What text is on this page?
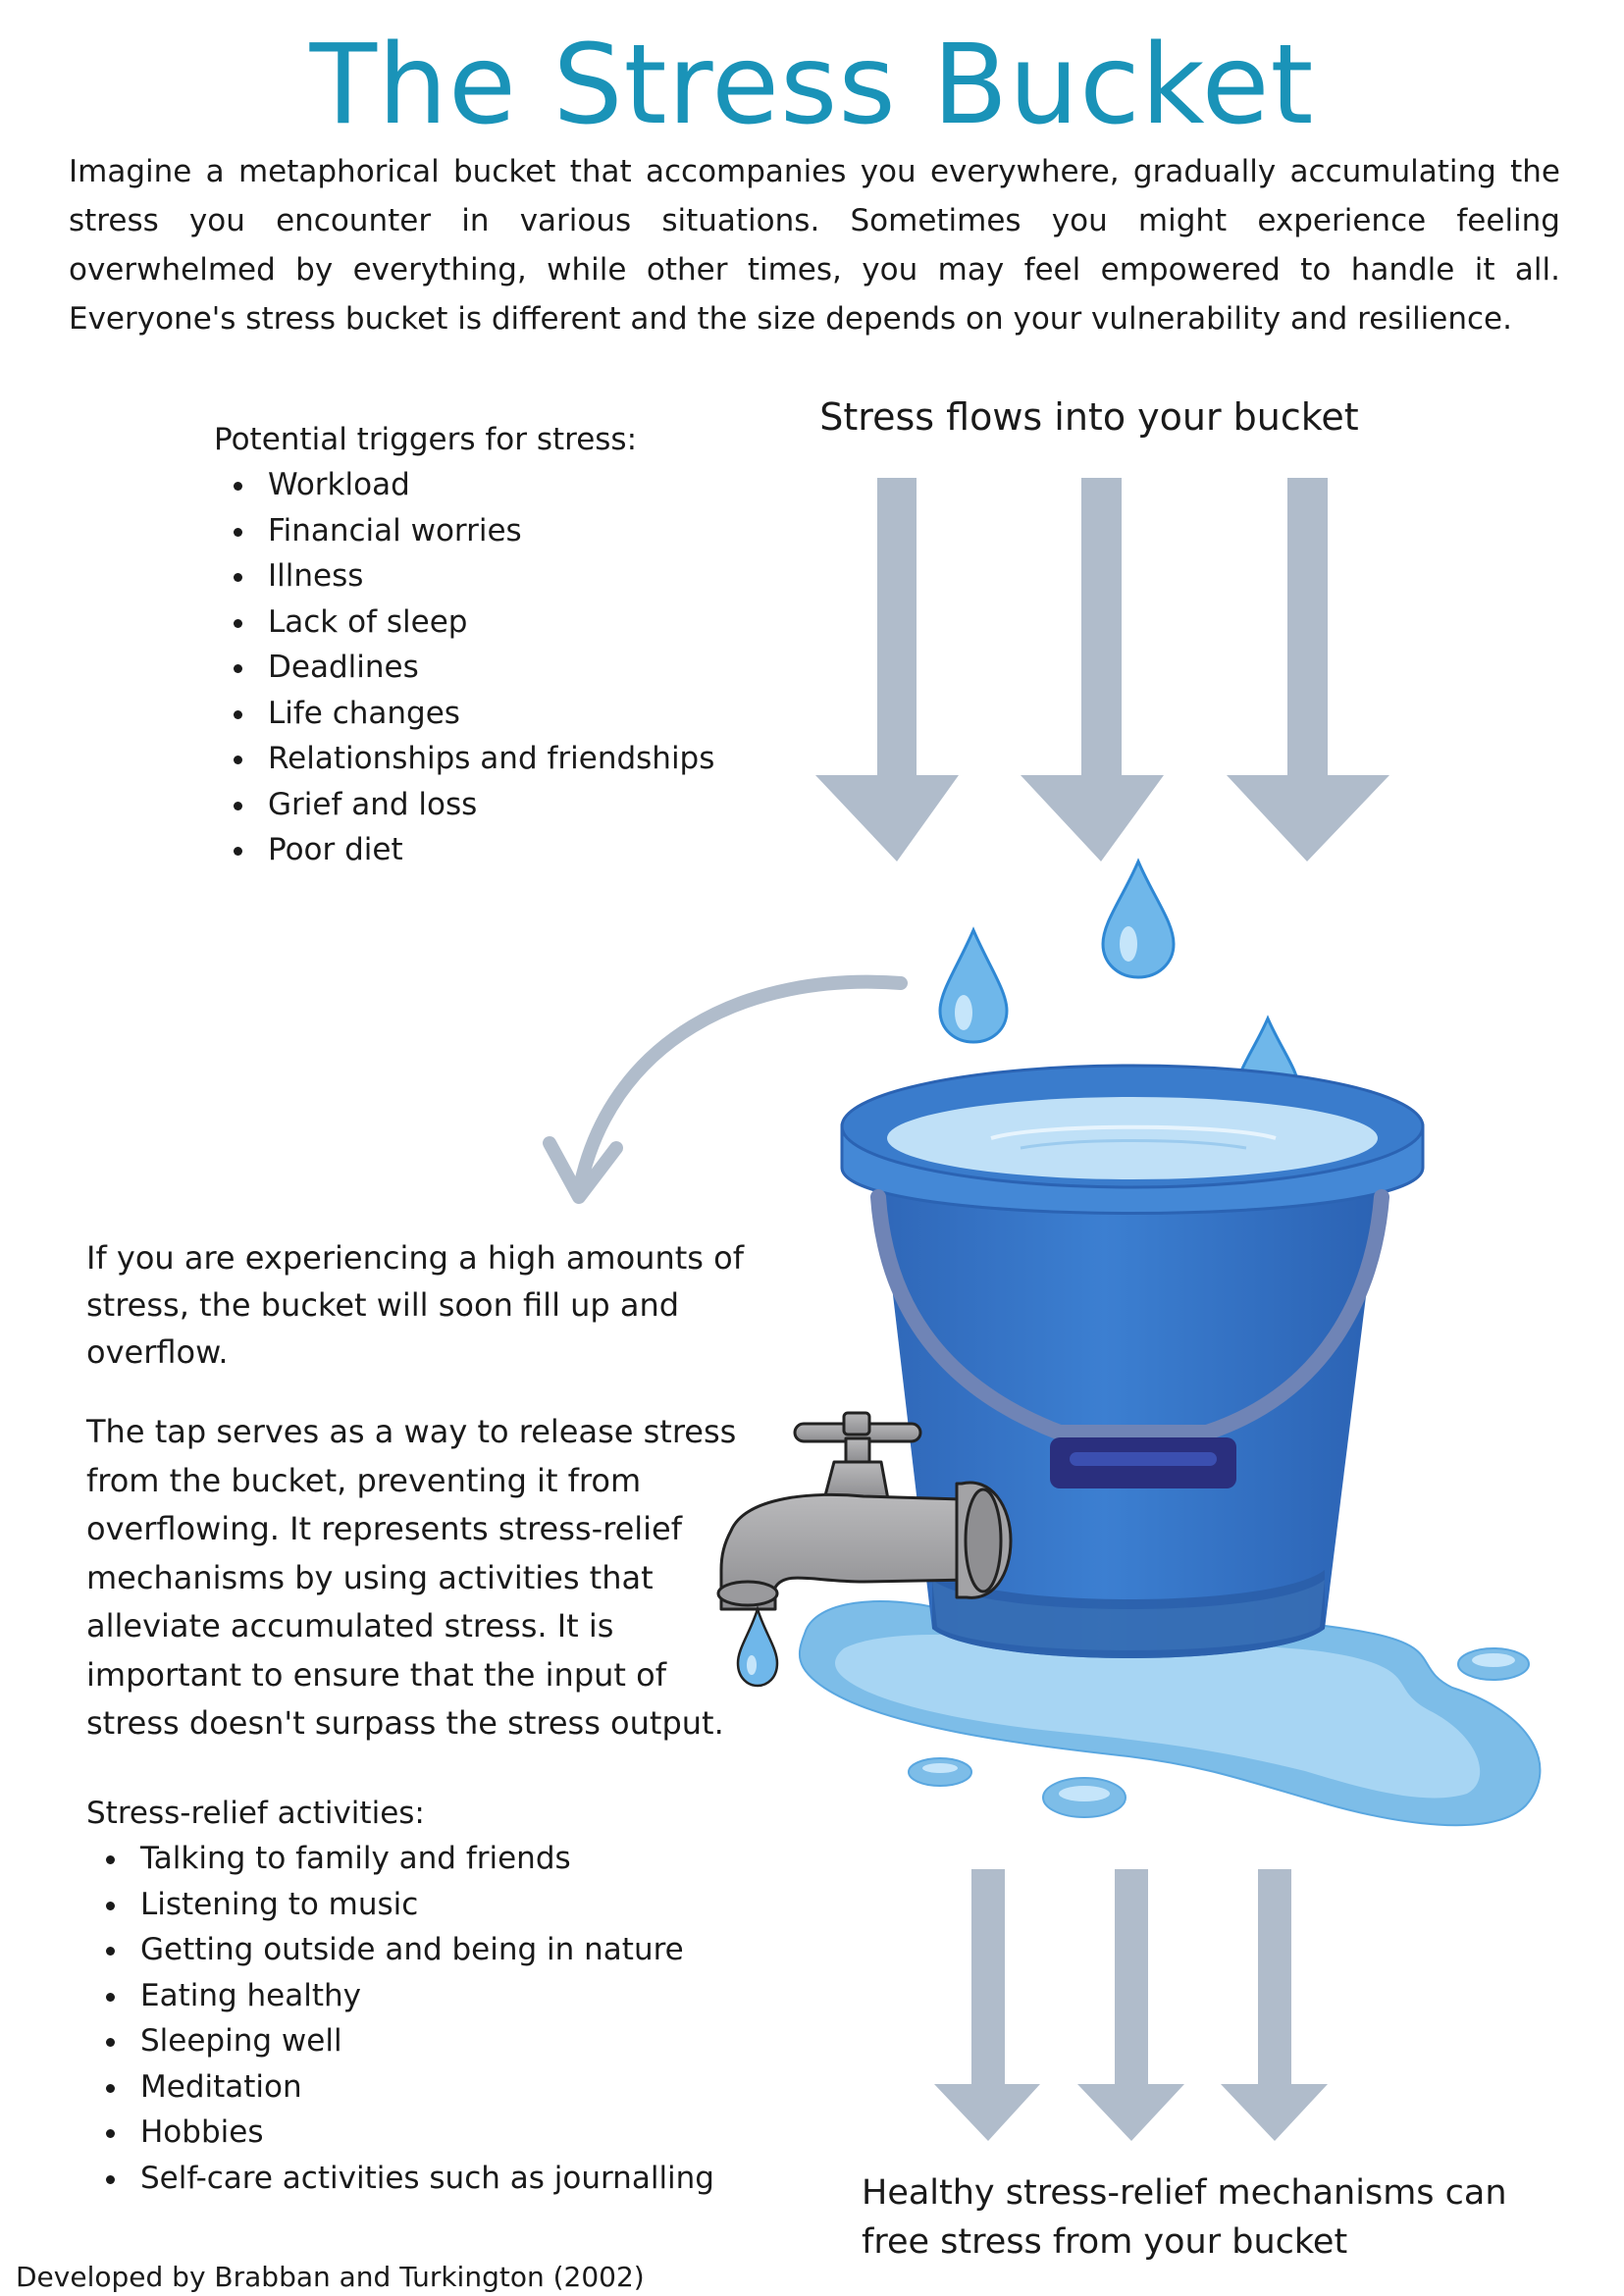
The Stress Bucket
Imagine a metaphorical bucket that accompanies you everywhere, gradually accumulating the stress you encounter in various situations. Sometimes you might experience feeling overwhelmed by everything, while other times, you may feel empowered to handle it all. Everyone's stress bucket is different and the size depends on your vulnerability and resilience.
Potential triggers for stress:
Workload
Financial worries
Illness
Lack of sleep
Deadlines
Life changes
Relationships and friendships
Grief and loss
Poor diet
Stress flows into your bucket
If you are experiencing a high amounts of stress, the bucket will soon fill up and overflow.
The tap serves as a way to release stress from the bucket, preventing it from overflowing. It represents stress-relief mechanisms by using activities that alleviate accumulated stress. It is important to ensure that the input of stress doesn't surpass the stress output.
Stress-relief activities:
Talking to family and friends
Listening to music
Getting outside and being in nature
Eating healthy
Sleeping well
Meditation
Hobbies
Self-care activities such as journalling	Healthy stress-relief mechanisms can free stress from your bucket
Developed by Brabban and Turkington (2002)
